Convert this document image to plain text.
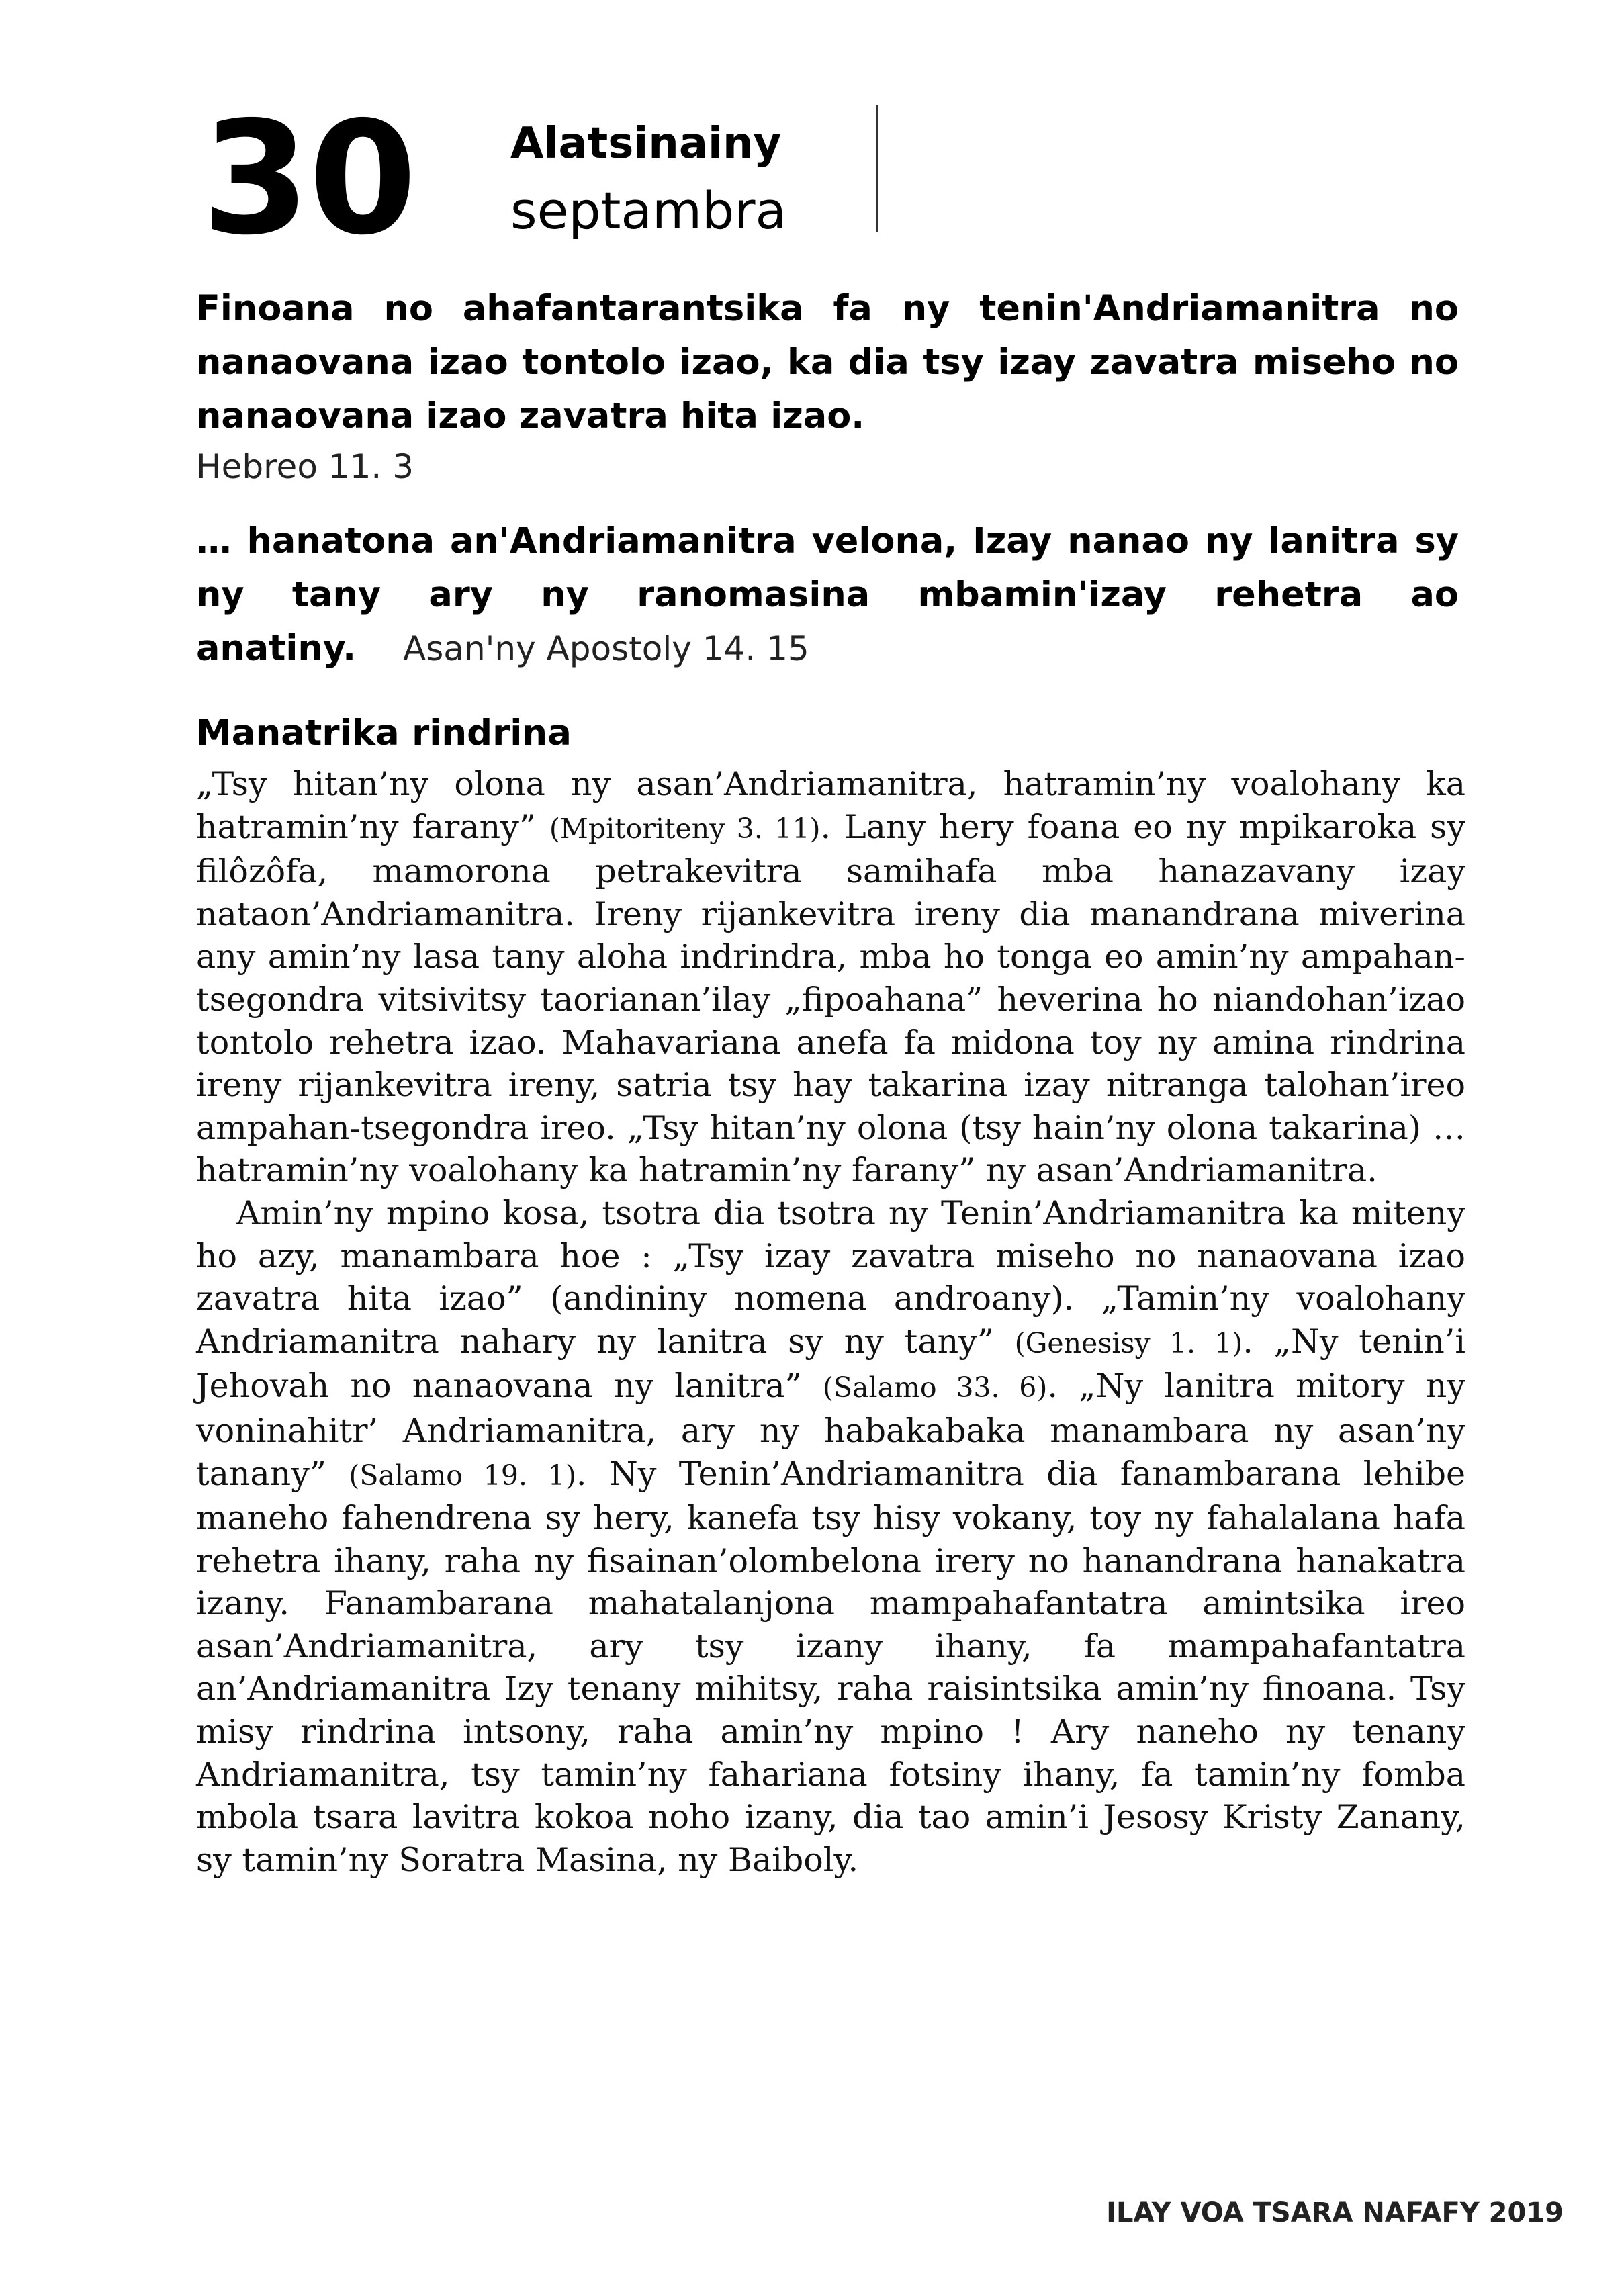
30 Alatsinainy
septambra
Finoana no ahafantarantsika fa ny tenin'Andriamanitra no nanaovana izao tontolo izao, ka dia tsy izay zavatra miseho no nanaovana izao zavatra hita izao.
Hebreo 11. 3
… hanatona an'Andriamanitra velona, Izay nanao ny lanitra sy ny tany ary ny ranomasina mbamin'izay rehetra ao anatiny. Asan'ny Apostoly 14. 15
Manatrika rindrina

„Tsy hitan’ny olona ny asan’Andriamanitra, hatramin’ny voalohany ka hatramin’ny farany” (Mpitoriteny 3. 11). Lany hery foana eo ny mpikaroka sy filôzôfa, mamorona petrakevitra samihafa mba hanazavany izay nataon’Andriamanitra. Ireny rijankevitra ireny dia manandrana miverina any amin’ny lasa tany aloha indrindra, mba ho tonga eo amin’ny ampahan-tsegondra vitsivitsy taorianan’ilay „fipoahana” heverina ho niandohan’izao tontolo rehetra izao. Mahavariana anefa fa midona toy ny amina rindrina ireny rijankevitra ireny, satria tsy hay takarina izay nitranga talohan’ireo ampahan-tsegondra ireo. „Tsy hitan’ny olona (tsy hain’ny olona takarina) … hatramin’ny voalohany ka hatramin’ny farany” ny asan’Andriamanitra.

Amin’ny mpino kosa, tsotra dia tsotra ny Tenin’Andriamanitra ka miteny ho azy, manambara hoe : „Tsy izay zavatra miseho no nanaovana izao zavatra hita izao” (andininy nomena androany). „Tamin’ny voalohany Andriamanitra nahary ny lanitra sy ny tany” (Genesisy 1. 1). „Ny tenin’i Jehovah no nanaovana ny lanitra” (Salamo 33. 6). „Ny lanitra mitory ny voninahitr’ Andriamanitra, ary ny habakabaka manambara ny asan’ny tanany” (Salamo 19. 1). Ny Tenin’Andriamanitra dia fanambarana lehibe maneho fahendrena sy hery, kanefa tsy hisy vokany, toy ny fahalalana hafa rehetra ihany, raha ny fisainan’olombelona irery no hanandrana hanakatra izany. Fanambarana mahatalanjona mampahafantatra amintsika ireo asan’Andriamanitra, ary tsy izany ihany, fa mampahafantatra an’Andriamanitra Izy tenany mihitsy, raha raisintsika amin’ny finoana. Tsy misy rindrina intsony, raha amin’ny mpino ! Ary naneho ny tenany Andriamanitra, tsy tamin’ny fahariana fotsiny ihany, fa tamin’ny fomba mbola tsara lavitra kokoa noho izany, dia tao amin’i Jesosy Kristy Zanany, sy tamin’ny Soratra Masina, ny Baiboly.

ILAY VOA TSARA NAFAFY 2019
